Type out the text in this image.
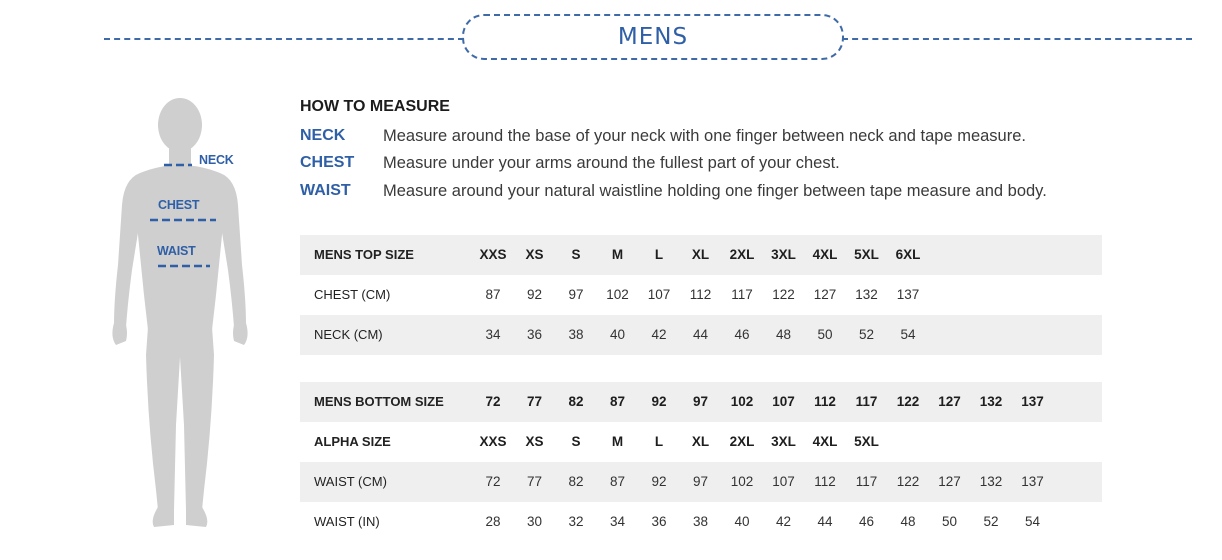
MENS
NECK
CHEST
WAIST
HOW TO MEASURE
NECK	Measure around the base of your neck with one finger between neck and tape measure.
CHEST	Measure under your arms around the fullest part of your chest.
WAIST	Measure around your natural waistline holding one finger between tape measure and body.
MENS TOP SIZE	XXS	XS	S	M	L	XL	2XL	3XL	4XL	5XL	6XL
CHEST (CM)	87	92	97	102	107	112	117	122	127	132	137
NECK (CM)	34	36	38	40	42	44	46	48	50	52	54
MENS BOTTOM SIZE	72	77	82	87	92	97	102	107	112	117	122	127	132	137
ALPHA SIZE	XXS	XS	S	M	L	XL	2XL	3XL	4XL	5XL
WAIST (CM)	72	77	82	87	92	97	102	107	112	117	122	127	132	137
WAIST (IN)	28	30	32	34	36	38	40	42	44	46	48	50	52	54
